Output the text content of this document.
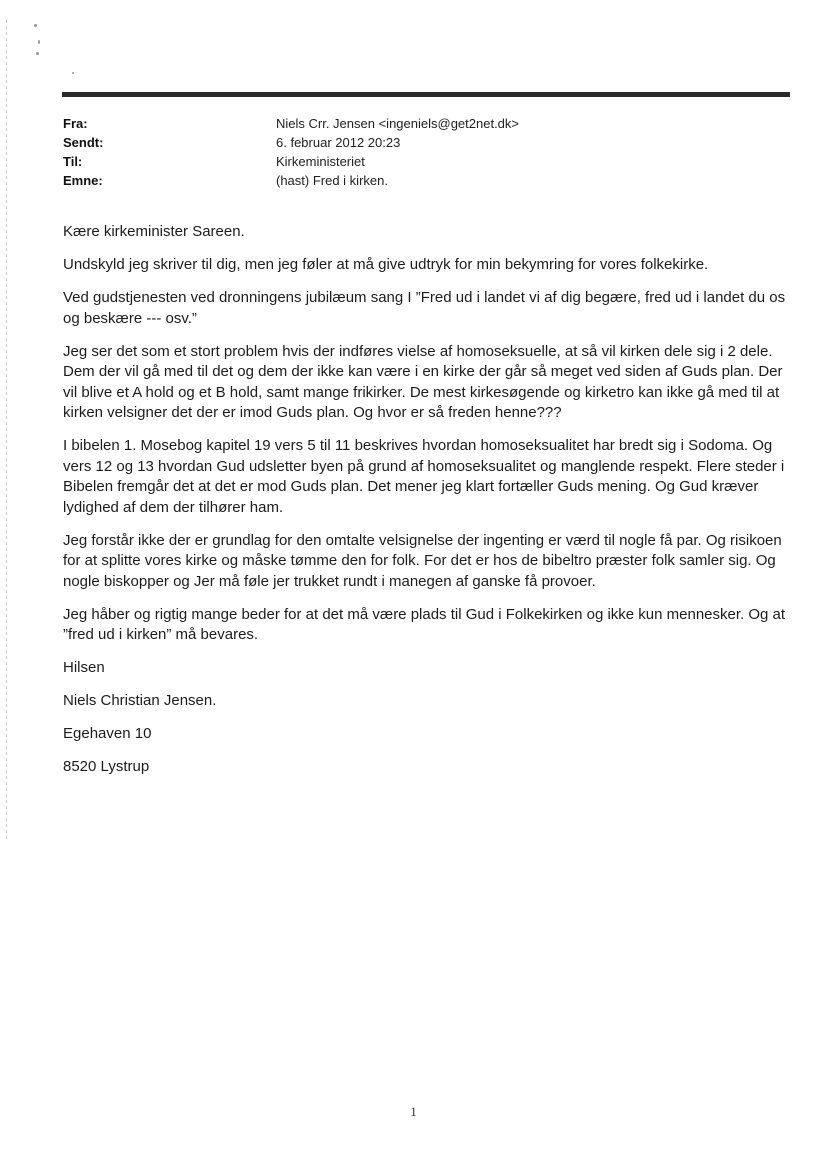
Fra:	Niels Crr. Jensen <ingeniels@get2net.dk>
Sendt:	6. februar 2012 20:23
Til:	Kirkeministeriet
Emne:	(hast) Fred i kirken.

Kære kirkeminister Sareen.

Undskyld jeg skriver til dig, men jeg føler at må give udtryk for min bekymring for vores folkekirke.

Ved gudstjenesten ved dronningens jubilæum sang I ”Fred ud i landet vi af dig begære, fred ud i landet du os og beskære --- osv.”

Jeg ser det som et stort problem hvis der indføres vielse af homoseksuelle, at så vil kirken dele sig i 2 dele. Dem der vil gå med til det og dem der ikke kan være i en kirke der går så meget ved siden af Guds plan. Der vil blive et A hold og et B hold, samt mange frikirker. De mest kirkesøgende og kirketro kan ikke gå med til at kirken velsigner det der er imod Guds plan. Og hvor er så freden henne???

I bibelen 1. Mosebog kapitel 19 vers 5 til 11 beskrives hvordan homoseksualitet har bredt sig i Sodoma. Og vers 12 og 13 hvordan Gud udsletter byen på grund af homoseksualitet og manglende respekt. Flere steder i Bibelen fremgår det at det er mod Guds plan. Det mener jeg klart fortæller Guds mening. Og Gud kræver lydighed af dem der tilhører ham.

Jeg forstår ikke der er grundlag for den omtalte velsignelse der ingenting er værd til nogle få par. Og risikoen for at splitte vores kirke og måske tømme den for folk. For det er hos de bibeltro præster folk samler sig. Og nogle biskopper og Jer må føle jer trukket rundt i manegen af ganske få provoer.

Jeg håber og rigtig mange beder for at det må være plads til Gud i Folkekirken og ikke kun mennesker. Og at ”fred ud i kirken” må bevares.

Hilsen

Niels Christian Jensen.

Egehaven 10

8520 Lystrup

1
